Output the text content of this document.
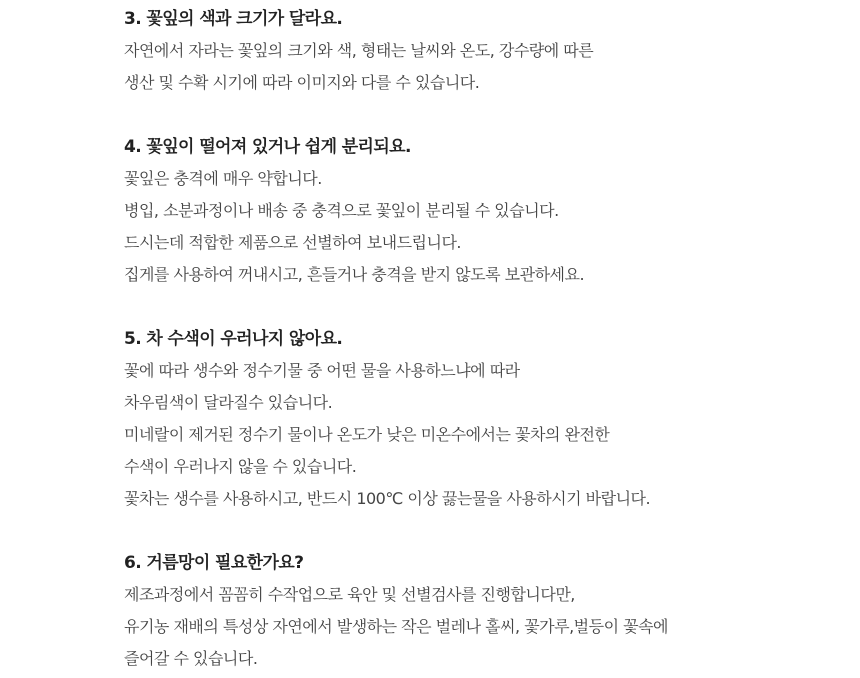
3. 꽃잎의 색과 크기가 달라요.
자연에서 자라는 꽃잎의 크기와 색, 형태는 날씨와 온도, 강수량에 따른
생산 및 수확 시기에 따라 이미지와 다를 수 있습니다.
4. 꽃잎이 떨어져 있거나 쉽게 분리되요.
꽃잎은 충격에 매우 약합니다.
병입, 소분과정이나 배송 중 충격으로 꽃잎이 분리될 수 있습니다.
드시는데 적합한 제품으로 선별하여 보내드립니다.
집게를 사용하여 꺼내시고, 흔들거나 충격을 받지 않도록 보관하세요.
5. 차 수색이 우러나지 않아요.
꽃에 따라 생수와 정수기물 중 어떤 물을 사용하느냐에 따라
차우림색이 달라질수 있습니다.
미네랄이 제거된 정수기 물이나 온도가 낮은 미온수에서는 꽃차의 완전한
수색이 우러나지 않을 수 있습니다.
꽃차는 생수를 사용하시고, 반드시 100℃ 이상 끓는물을 사용하시기 바랍니다.
6. 거름망이 필요한가요?
제조과정에서 꼼꼼히 수작업으로 육안 및 선별검사를 진행합니다만,
유기농 재배의 특성상 자연에서 발생하는 작은 벌레나 홀씨, 꽃가루,벌등이 꽃속에
즐어갈 수 있습니다.
